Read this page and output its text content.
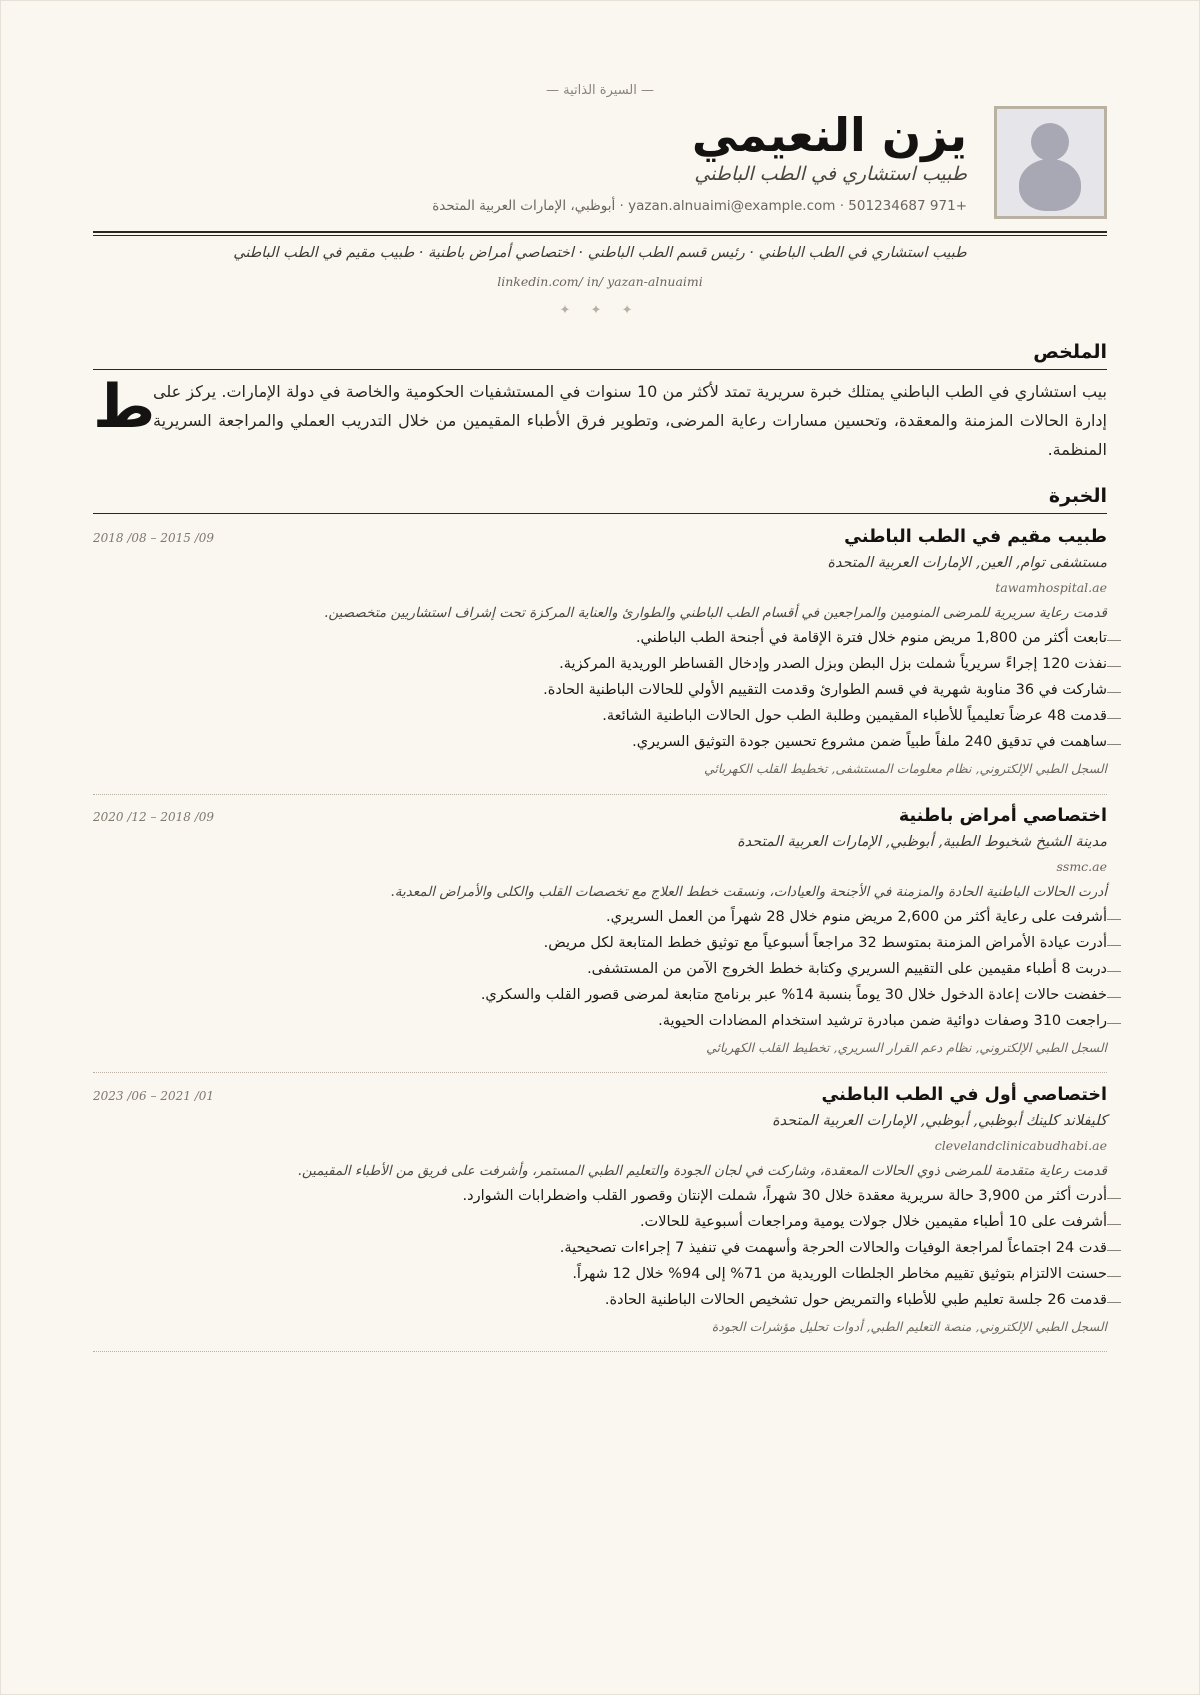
— السيرة الذاتية —
يزن النعيمي
طبيب استشاري في الطب الباطني
+971 501234687 · yazan.alnuaimi@example.com · أبوظبي، الإمارات العربية المتحدة
طبيب استشاري في الطب الباطني · رئيس قسم الطب الباطني · اختصاصي أمراض باطنية · طبيب مقيم في الطب الباطني
linkedin.com/ in/ yazan-alnuaimi
✦ ✦ ✦
الملخص
ط
بيب استشاري في الطب الباطني يمتلك خبرة سريرية تمتد لأكثر من 10 سنوات في المستشفيات الحكومية والخاصة في دولة الإمارات. يركز على إدارة الحالات المزمنة والمعقدة، وتحسين مسارات رعاية المرضى، وتطوير فرق الأطباء المقيمين من خلال التدريب العملي والمراجعة السريرية المنظمة.
الخبرة
طبيب مقيم في الطب الباطني
09/ 2015 – 08/ 2018
مستشفى توام, العين, الإمارات العربية المتحدة
tawamhospital.ae
قدمت رعاية سريرية للمرضى المنومين والمراجعين في أقسام الطب الباطني والطوارئ والعناية المركزة تحت إشراف استشاريين متخصصين.
تابعت أكثر من 1,800 مريض منوم خلال فترة الإقامة في أجنحة الطب الباطني.
نفذت 120 إجراءً سريرياً شملت بزل البطن وبزل الصدر وإدخال القساطر الوريدية المركزية.
شاركت في 36 مناوبة شهرية في قسم الطوارئ وقدمت التقييم الأولي للحالات الباطنية الحادة.
قدمت 48 عرضاً تعليمياً للأطباء المقيمين وطلبة الطب حول الحالات الباطنية الشائعة.
ساهمت في تدقيق 240 ملفاً طبياً ضمن مشروع تحسين جودة التوثيق السريري.
السجل الطبي الإلكتروني, نظام معلومات المستشفى, تخطيط القلب الكهربائي
اختصاصي أمراض باطنية
09/ 2018 – 12/ 2020
مدينة الشيخ شخبوط الطبية, أبوظبي, الإمارات العربية المتحدة
ssmc.ae
أدرت الحالات الباطنية الحادة والمزمنة في الأجنحة والعيادات، ونسقت خطط العلاج مع تخصصات القلب والكلى والأمراض المعدية.
أشرفت على رعاية أكثر من 2,600 مريض منوم خلال 28 شهراً من العمل السريري.
أدرت عيادة الأمراض المزمنة بمتوسط 32 مراجعاً أسبوعياً مع توثيق خطط المتابعة لكل مريض.
دربت 8 أطباء مقيمين على التقييم السريري وكتابة خطط الخروج الآمن من المستشفى.
خفضت حالات إعادة الدخول خلال 30 يوماً بنسبة 14% عبر برنامج متابعة لمرضى قصور القلب والسكري.
راجعت 310 وصفات دوائية ضمن مبادرة ترشيد استخدام المضادات الحيوية.
السجل الطبي الإلكتروني, نظام دعم القرار السريري, تخطيط القلب الكهربائي
اختصاصي أول في الطب الباطني
01/ 2021 – 06/ 2023
كليفلاند كلينك أبوظبي, أبوظبي, الإمارات العربية المتحدة
clevelandclinicabudhabi.ae
قدمت رعاية متقدمة للمرضى ذوي الحالات المعقدة، وشاركت في لجان الجودة والتعليم الطبي المستمر، وأشرفت على فريق من الأطباء المقيمين.
أدرت أكثر من 3,900 حالة سريرية معقدة خلال 30 شهراً، شملت الإنتان وقصور القلب واضطرابات الشوارد.
أشرفت على 10 أطباء مقيمين خلال جولات يومية ومراجعات أسبوعية للحالات.
قدت 24 اجتماعاً لمراجعة الوفيات والحالات الحرجة وأسهمت في تنفيذ 7 إجراءات تصحيحية.
حسنت الالتزام بتوثيق تقييم مخاطر الجلطات الوريدية من 71% إلى 94% خلال 12 شهراً.
قدمت 26 جلسة تعليم طبي للأطباء والتمريض حول تشخيص الحالات الباطنية الحادة.
السجل الطبي الإلكتروني, منصة التعليم الطبي, أدوات تحليل مؤشرات الجودة
